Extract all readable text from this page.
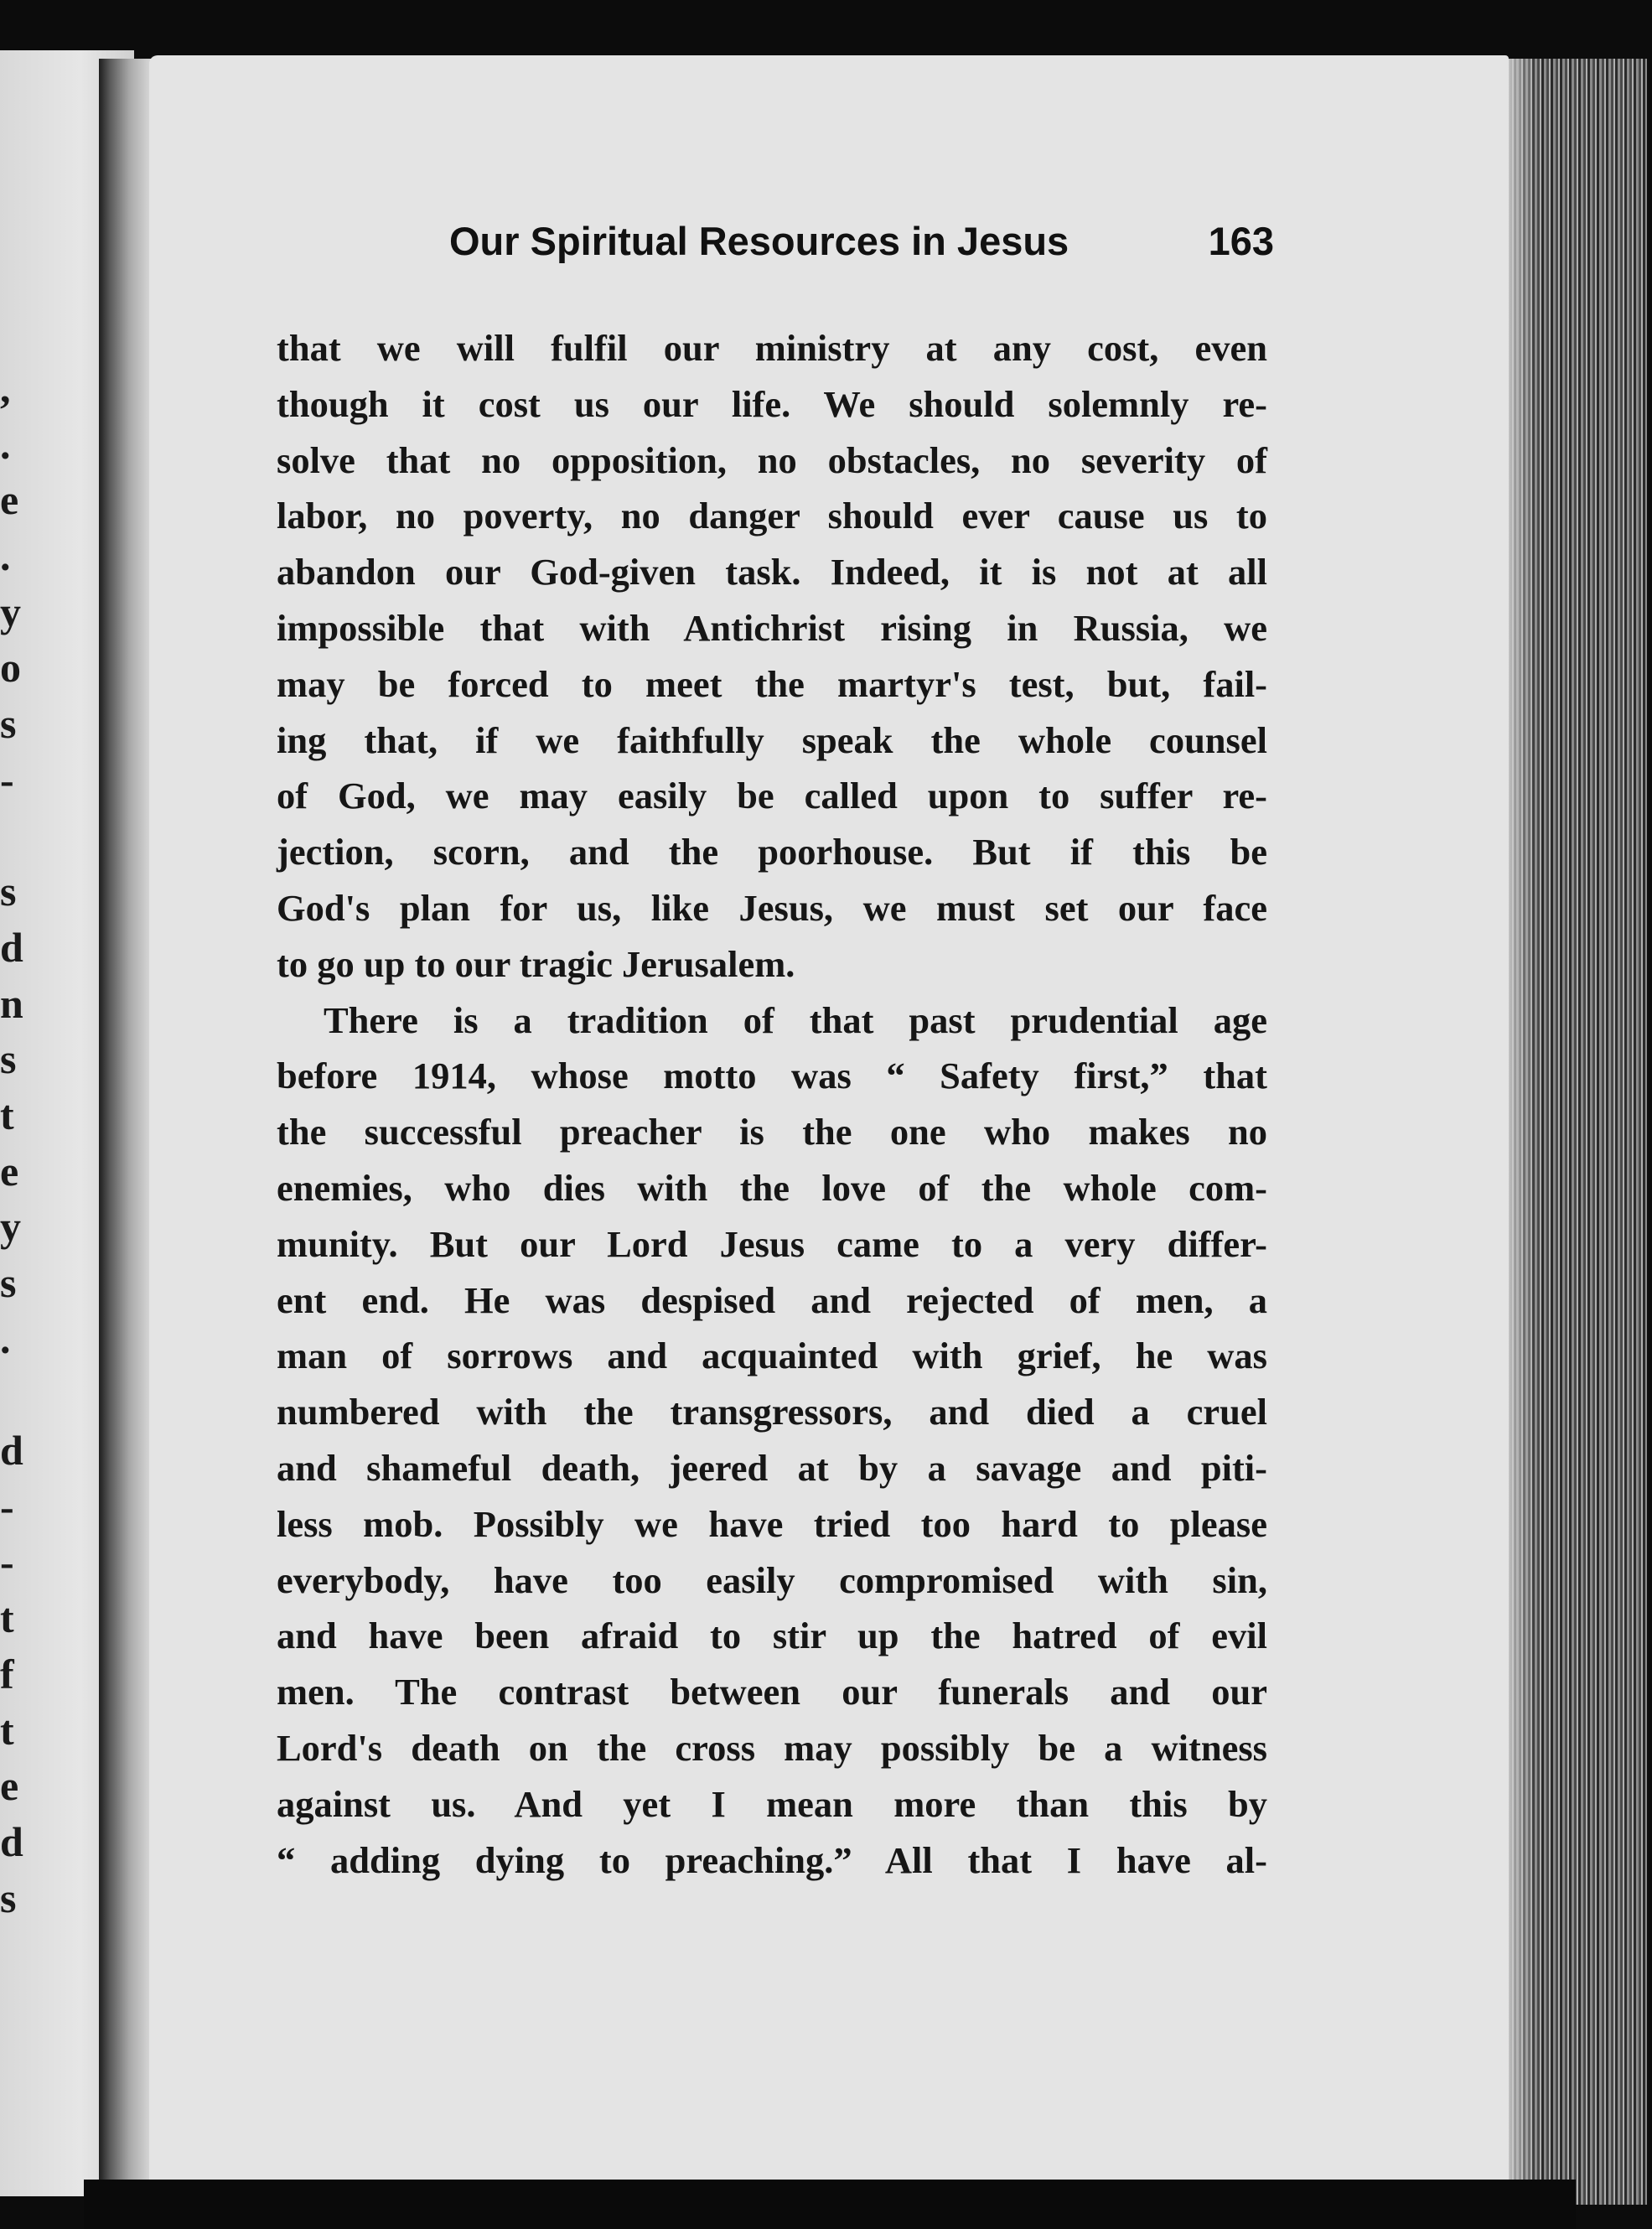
,
.
e
.
y
o
s
-
s
d
n
s
t
e
y
s
.
d
-
-
t
f
t
e
d
s
Our Spiritual Resources in Jesus	163
that we will fulfil our ministry at any cost, even
though it cost us our life. We should solemnly re-
solve that no opposition, no obstacles, no severity of
labor, no poverty, no danger should ever cause us to
abandon our God-given task. Indeed, it is not at all
impossible that with Antichrist rising in Russia, we
may be forced to meet the martyr's test, but, fail-
ing that, if we faithfully speak the whole counsel
of God, we may easily be called upon to suffer re-
jection, scorn, and the poorhouse. But if this be
God's plan for us, like Jesus, we must set our face
to go up to our tragic Jerusalem.
There is a tradition of that past prudential age
before 1914, whose motto was “ Safety first,” that
the successful preacher is the one who makes no
enemies, who dies with the love of the whole com-
munity. But our Lord Jesus came to a very differ-
ent end. He was despised and rejected of men, a
man of sorrows and acquainted with grief, he was
numbered with the transgressors, and died a cruel
and shameful death, jeered at by a savage and piti-
less mob. Possibly we have tried too hard to please
everybody, have too easily compromised with sin,
and have been afraid to stir up the hatred of evil
men. The contrast between our funerals and our
Lord's death on the cross may possibly be a witness
against us. And yet I mean more than this by
“ adding dying to preaching.” All that I have al-
